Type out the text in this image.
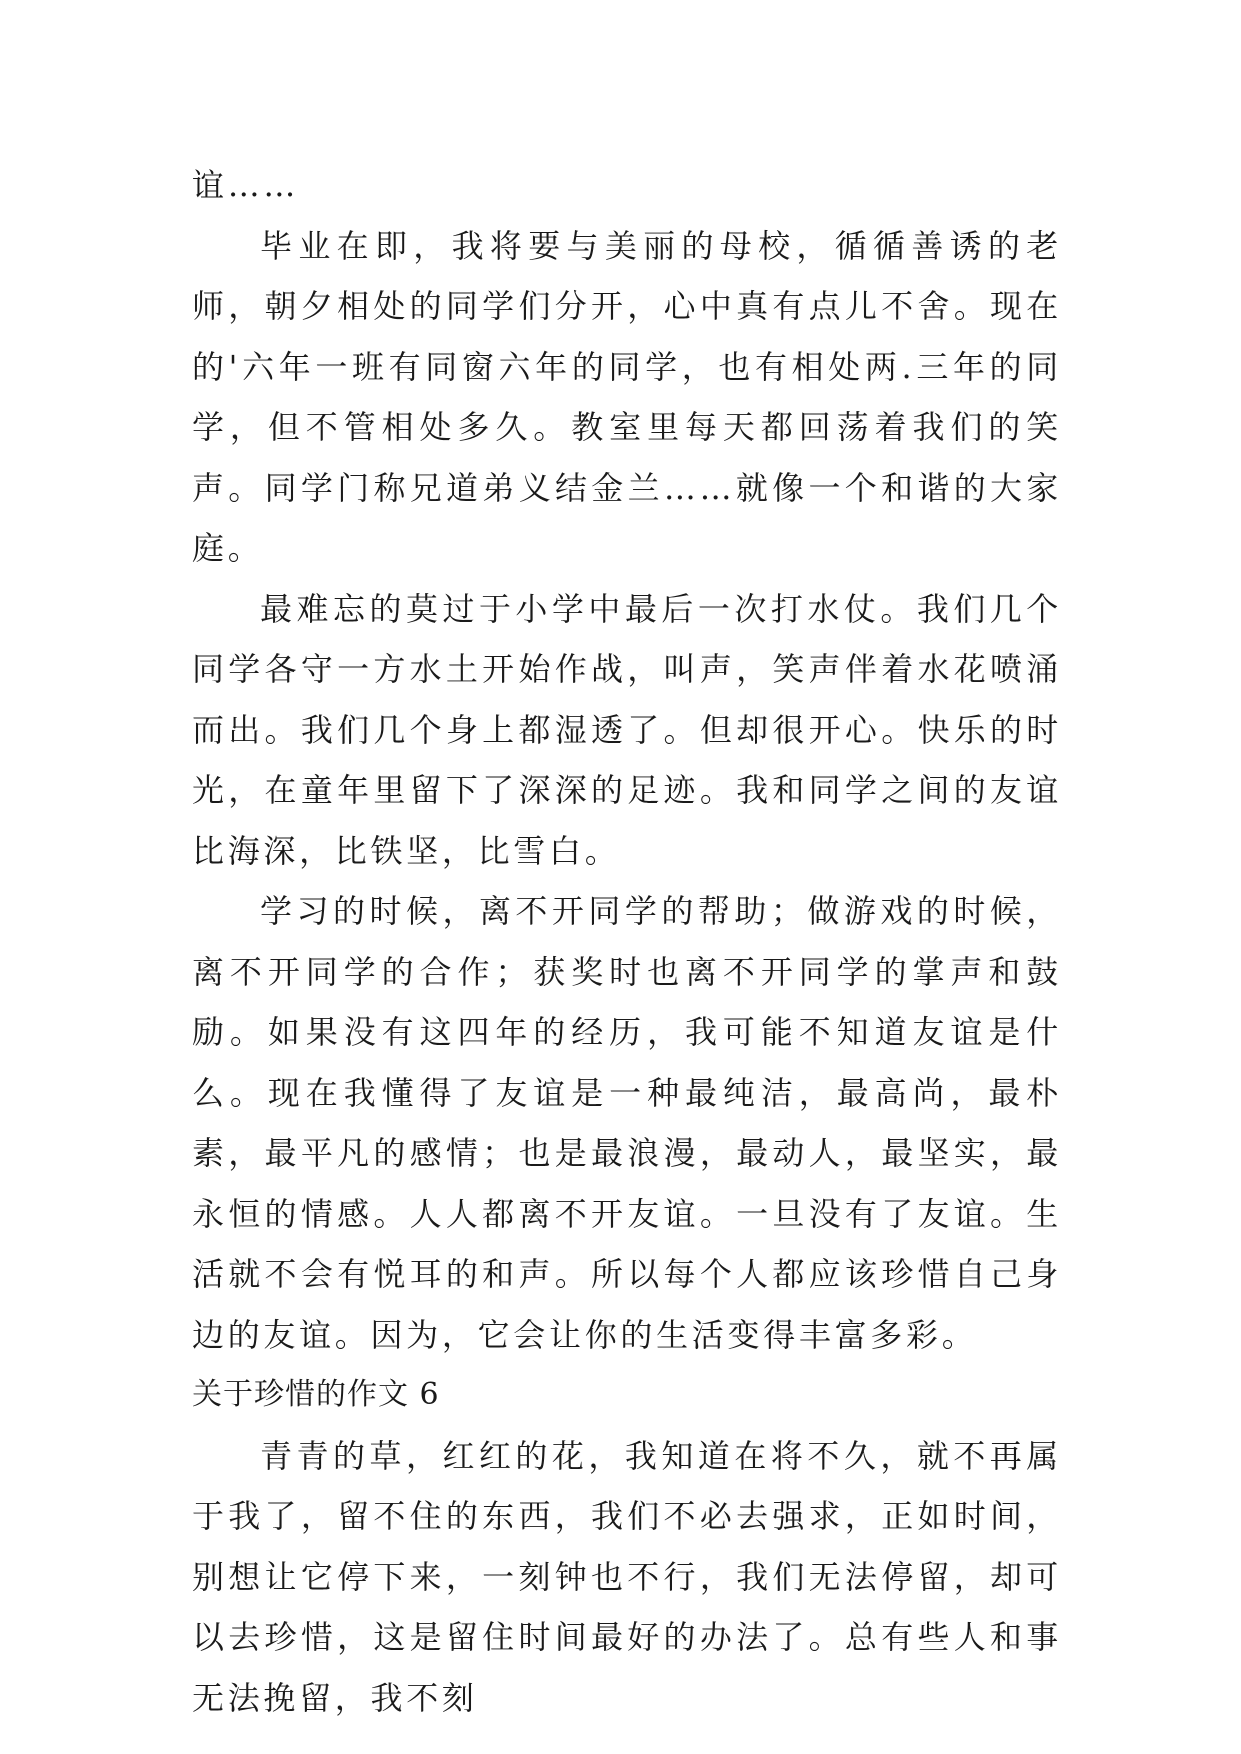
谊……

毕业在即，我将要与美丽的母校，循循善诱的老师，朝夕相处的同学们分开，心中真有点儿不舍。现在的'六年一班有同窗六年的同学，也有相处两.三年的同学，但不管相处多久。教室里每天都回荡着我们的笑声。同学门称兄道弟义结金兰……就像一个和谐的大家庭。

最难忘的莫过于小学中最后一次打水仗。我们几个同学各守一方水土开始作战，叫声，笑声伴着水花喷涌而出。我们几个身上都湿透了。但却很开心。快乐的时光，在童年里留下了深深的足迹。我和同学之间的友谊比海深，比铁坚，比雪白。

学习的时候，离不开同学的帮助；做游戏的时候，离不开同学的合作；获奖时也离不开同学的掌声和鼓励。如果没有这四年的经历，我可能不知道友谊是什么。现在我懂得了友谊是一种最纯洁，最高尚，最朴素，最平凡的感情；也是最浪漫，最动人，最坚实，最永恒的情感。人人都离不开友谊。一旦没有了友谊。生活就不会有悦耳的和声。所以每个人都应该珍惜自己身边的友谊。因为，它会让你的生活变得丰富多彩。

关于珍惜的作文 6

青青的草，红红的花，我知道在将不久，就不再属于我了，留不住的东西，我们不必去强求，正如时间，别想让它停下来，一刻钟也不行，我们无法停留，却可以去珍惜，这是留住时间最好的办法了。总有些人和事无法挽留，我不刻
